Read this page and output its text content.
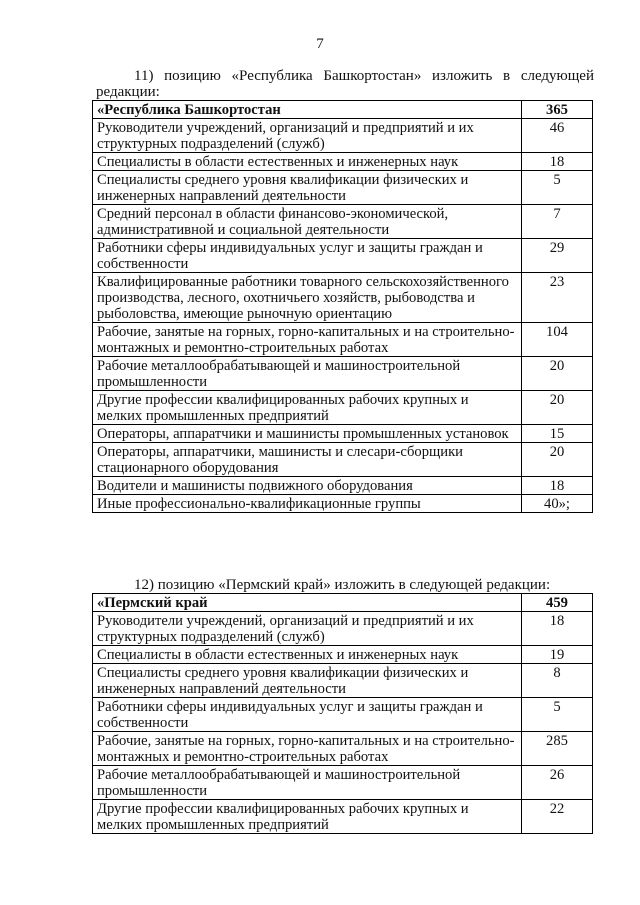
7
11) позицию «Республика Башкортостан» изложить в следующей
редакции:
«Республика Башкортостан	365
Руководители учреждений, организаций и предприятий и их структурных подразделений (служб)	46
Специалисты в области естественных и инженерных наук	18
Специалисты среднего уровня квалификации физических и инженерных направлений деятельности	5
Средний персонал в области финансово-экономической, административной и социальной деятельности	7
Работники сферы индивидуальных услуг и защиты граждан и собственности	29
Квалифицированные работники товарного сельскохозяйственного производства, лесного, охотничьего хозяйств, рыбоводства и рыболовства, имеющие рыночную ориентацию	23
Рабочие, занятые на горных, горно-капитальных и на строительно-монтажных и ремонтно-строительных работах	104
Рабочие металлообрабатывающей и машиностроительной промышленности	20
Другие профессии квалифицированных рабочих крупных и мелких промышленных предприятий	20
Операторы, аппаратчики и машинисты промышленных установок	15
Операторы, аппаратчики, машинисты и слесари-сборщики стационарного оборудования	20
Водители и машинисты подвижного оборудования	18
Иные профессионально-квалификационные группы	40»;
12) позицию «Пермский край» изложить в следующей редакции:
«Пермский край	459
Руководители учреждений, организаций и предприятий и их структурных подразделений (служб)	18
Специалисты в области естественных и инженерных наук	19
Специалисты среднего уровня квалификации физических и инженерных направлений деятельности	8
Работники сферы индивидуальных услуг и защиты граждан и собственности	5
Рабочие, занятые на горных, горно-капитальных и на строительно-монтажных и ремонтно-строительных работах	285
Рабочие металлообрабатывающей и машиностроительной промышленности	26
Другие профессии квалифицированных рабочих крупных и мелких промышленных предприятий	22
